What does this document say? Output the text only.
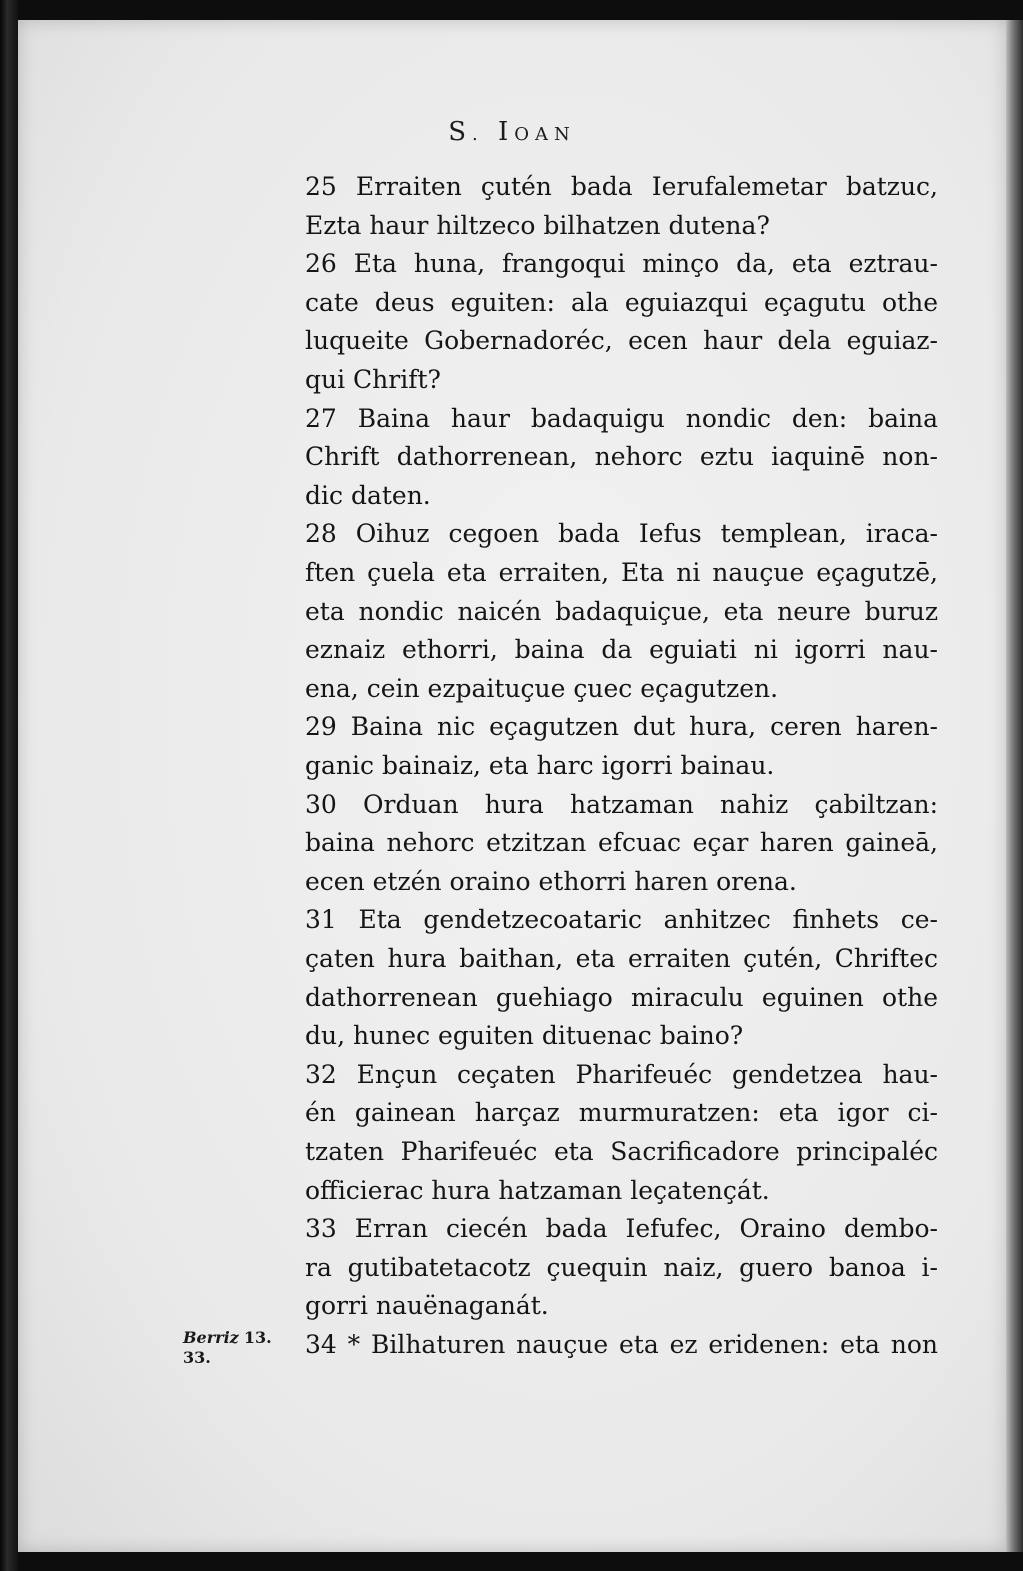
S. IOAN
25 Erraiten çutén bada Ierufalemetar batzuc,
Ezta haur hiltzeco bilhatzen dutena?
26 Eta huna, frangoqui minço da, eta eztrau-
cate deus eguiten: ala eguiazqui eçagutu othe
luqueite Gobernadoréc, ecen haur dela eguiaz-
qui Chrift?
27 Baina haur badaquigu nondic den: baina
Chrift dathorrenean, nehorc eztu iaquinē non-
dic daten.
28 Oihuz cegoen bada Iefus templean, iraca-
ften çuela eta erraiten, Eta ni nauçue eçagutzē,
eta nondic naicén badaquiçue, eta neure buruz
eznaiz ethorri, baina da eguiati ni igorri nau-
ena, cein ezpaituçue çuec eçagutzen.
29 Baina nic eçagutzen dut hura, ceren haren-
ganic bainaiz, eta harc igorri bainau.
30 Orduan hura hatzaman nahiz çabiltzan:
baina nehorc etzitzan efcuac eçar haren gaineā,
ecen etzén oraino ethorri haren orena.
31 Eta gendetzecoataric anhitzec finhets ce-
çaten hura baithan, eta erraiten çutén, Chriftec
dathorrenean guehiago miraculu eguinen othe
du, hunec eguiten dituenac baino?
32 Ençun ceçaten Pharifeuéc gendetzea hau-
én gainean harçaz murmuratzen: eta igor ci-
tzaten Pharifeuéc eta Sacrificadore principaléc
officierac hura hatzaman leçatençát.
33 Erran ciecén bada Iefufec, Oraino dembo-
ra gutibatetacotz çuequin naiz, guero banoa i-
gorri nauënaganát.
34 * Bilhaturen nauçue eta ez eridenen: eta non
Berriz 13.
33.
